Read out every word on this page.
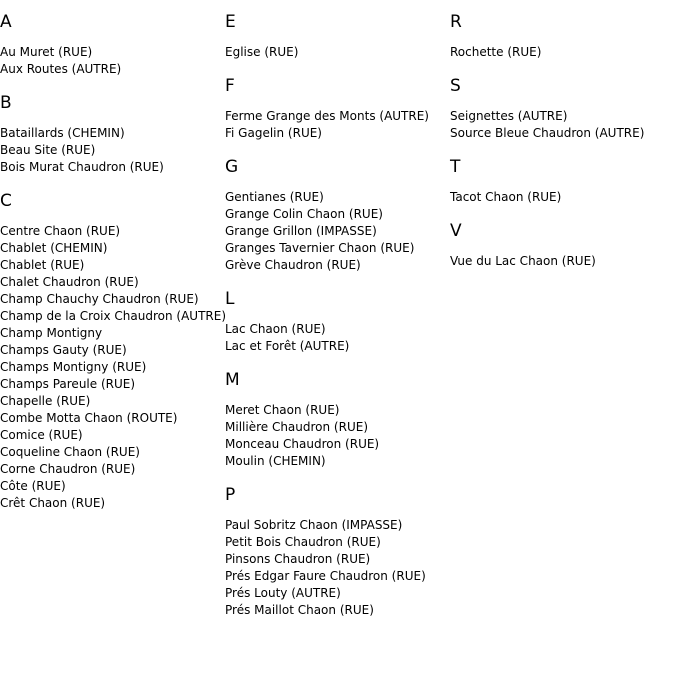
A
Au Muret (RUE)
Aux Routes (AUTRE)
B
Bataillards (CHEMIN)
Beau Site (RUE)
Bois Murat Chaudron (RUE)
C
Centre Chaon (RUE)
Chablet (CHEMIN)
Chablet (RUE)
Chalet Chaudron (RUE)
Champ Chauchy Chaudron (RUE)
Champ de la Croix Chaudron (AUTRE)
Champ Montigny
Champs Gauty (RUE)
Champs Montigny (RUE)
Champs Pareule (RUE)
Chapelle (RUE)
Combe Motta Chaon (ROUTE)
Comice (RUE)
Coqueline Chaon (RUE)
Corne Chaudron (RUE)
Côte (RUE)
Crêt Chaon (RUE)
E
Eglise (RUE)
F
Ferme Grange des Monts (AUTRE)
Fi Gagelin (RUE)
G
Gentianes (RUE)
Grange Colin Chaon (RUE)
Grange Grillon (IMPASSE)
Granges Tavernier Chaon (RUE)
Grève Chaudron (RUE)
L
Lac Chaon (RUE)
Lac et Forêt (AUTRE)
M
Meret Chaon (RUE)
Millière Chaudron (RUE)
Monceau Chaudron (RUE)
Moulin (CHEMIN)
P
Paul Sobritz Chaon (IMPASSE)
Petit Bois Chaudron (RUE)
Pinsons Chaudron (RUE)
Prés Edgar Faure Chaudron (RUE)
Prés Louty (AUTRE)
Prés Maillot Chaon (RUE)
R
Rochette (RUE)
S
Seignettes (AUTRE)
Source Bleue Chaudron (AUTRE)
T
Tacot Chaon (RUE)
V
Vue du Lac Chaon (RUE)
